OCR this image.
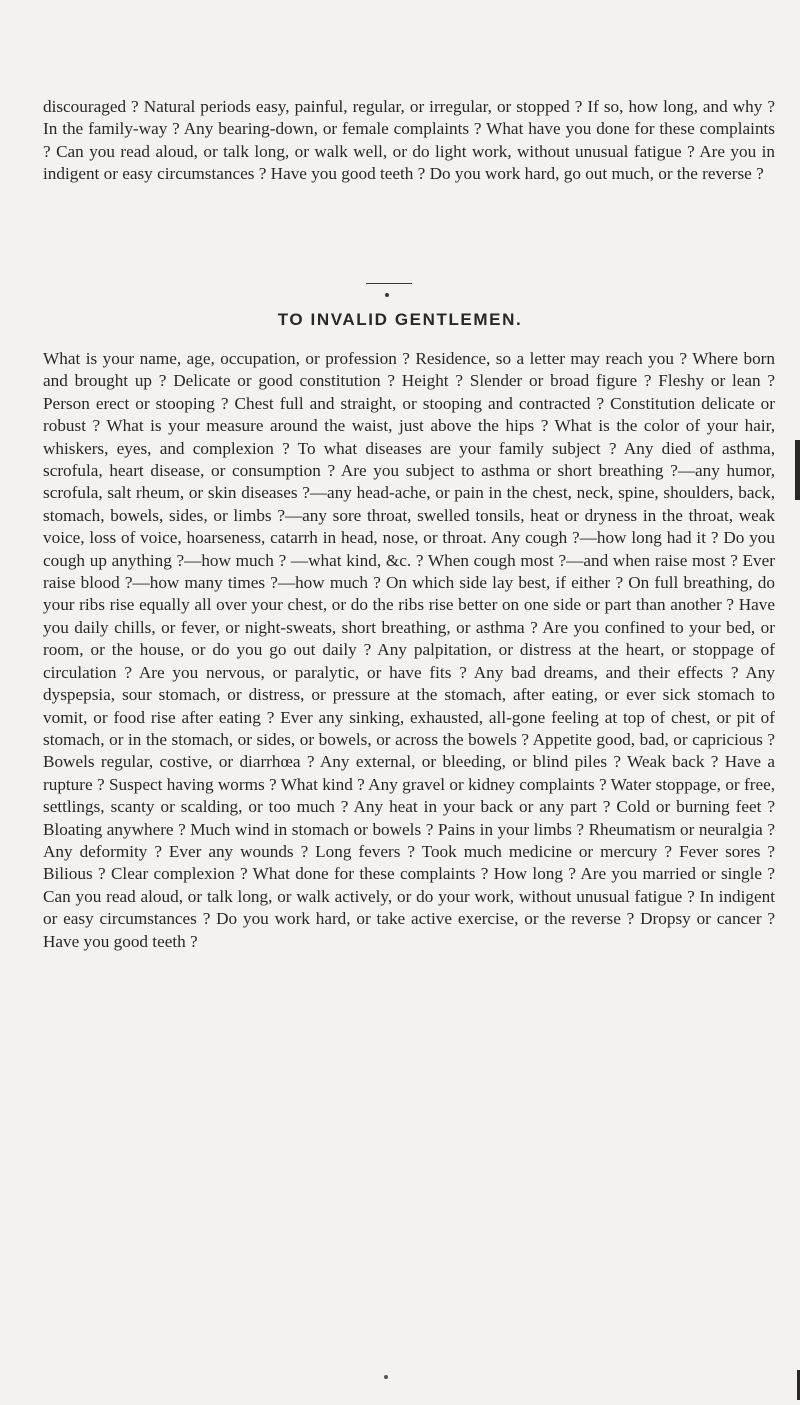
discouraged ? Natural periods easy, painful, regular, or irregular, or stopped ? If so, how long, and why ? In the family-way ? Any bearing-down, or female complaints ? What have you done for these complaints ? Can you read aloud, or talk long, or walk well, or do light work, without unusual fatigue ? Are you in indigent or easy circumstances ? Have you good teeth ? Do you work hard, go out much, or the reverse ?

TO INVALID GENTLEMEN.

What is your name, age, occupation, or profession ? Residence, so a letter may reach you ? Where born and brought up ? Delicate or good constitution ? Height ? Slender or broad figure ? Fleshy or lean ? Person erect or stooping ? Chest full and straight, or stooping and contracted ? Constitution delicate or robust ? What is your measure around the waist, just above the hips ? What is the color of your hair, whiskers, eyes, and complexion ? To what diseases are your family subject ? Any died of asthma, scrofula, heart disease, or consumption ? Are you subject to asthma or short breathing ?—any humor, scrofula, salt rheum, or skin diseases ?—any head-ache, or pain in the chest, neck, spine, shoulders, back, stomach, bowels, sides, or limbs ?—any sore throat, swelled tonsils, heat or dryness in the throat, weak voice, loss of voice, hoarseness, catarrh in head, nose, or throat. Any cough ?—how long had it ? Do you cough up anything ?—how much ? —what kind, &c. ? When cough most ?—and when raise most ? Ever raise blood ?—how many times ?—how much ? On which side lay best, if either ? On full breathing, do your ribs rise equally all over your chest, or do the ribs rise better on one side or part than another ? Have you daily chills, or fever, or night-sweats, short breathing, or asthma ? Are you confined to your bed, or room, or the house, or do you go out daily ? Any palpitation, or distress at the heart, or stoppage of circulation ? Are you nervous, or paralytic, or have fits ? Any bad dreams, and their effects ? Any dyspepsia, sour stomach, or distress, or pressure at the stomach, after eating, or ever sick stomach to vomit, or food rise after eating ? Ever any sinking, exhausted, all-gone feeling at top of chest, or pit of stomach, or in the stomach, or sides, or bowels, or across the bowels ? Appetite good, bad, or capricious ? Bowels regular, costive, or diarrhœa ? Any external, or bleeding, or blind piles ? Weak back ? Have a rupture ? Suspect having worms ? What kind ? Any gravel or kidney complaints ? Water stoppage, or free, settlings, scanty or scalding, or too much ? Any heat in your back or any part ? Cold or burning feet ? Bloating anywhere ? Much wind in stomach or bowels ? Pains in your limbs ? Rheumatism or neuralgia ? Any deformity ? Ever any wounds ? Long fevers ? Took much medicine or mercury ? Fever sores ? Bilious ? Clear complexion ? What done for these complaints ? How long ? Are you married or single ? Can you read aloud, or talk long, or walk actively, or do your work, without unusual fatigue ? In indigent or easy circumstances ? Do you work hard, or take active exercise, or the reverse ? Dropsy or cancer ? Have you good teeth ?
